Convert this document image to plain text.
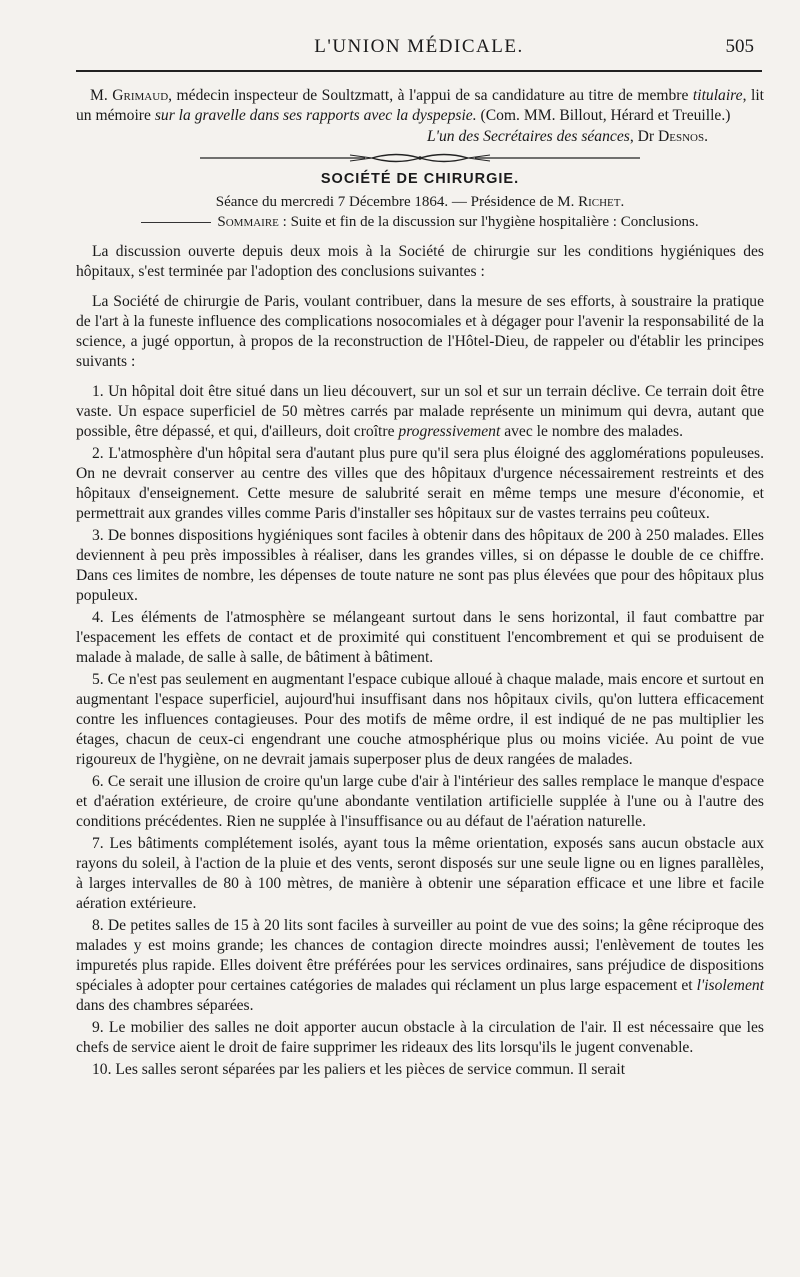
L'UNION MÉDICALE.	505

M. Grimaud, médecin inspecteur de Soultzmatt, à l'appui de sa candidature au titre de membre titulaire, lit un mémoire sur la gravelle dans ses rapports avec la dyspepsie. (Com. MM. Billout, Hérard et Treuille.)

L'un des Secrétaires des séances, Dr Desnos.

SOCIÉTÉ DE CHIRURGIE.

Séance du mercredi 7 Décembre 1864. — Présidence de M. Richet.

Sommaire : Suite et fin de la discussion sur l'hygiène hospitalière : Conclusions.

La discussion ouverte depuis deux mois à la Société de chirurgie sur les conditions hygiéniques des hôpitaux, s'est terminée par l'adoption des conclusions suivantes :

La Société de chirurgie de Paris, voulant contribuer, dans la mesure de ses efforts, à soustraire la pratique de l'art à la funeste influence des complications nosocomiales et à dégager pour l'avenir la responsabilité de la science, a jugé opportun, à propos de la reconstruction de l'Hôtel-Dieu, de rappeler ou d'établir les principes suivants :

1. Un hôpital doit être situé dans un lieu découvert, sur un sol et sur un terrain déclive. Ce terrain doit être vaste. Un espace superficiel de 50 mètres carrés par malade représente un minimum qui devra, autant que possible, être dépassé, et qui, d'ailleurs, doit croître progressivement avec le nombre des malades.

2. L'atmosphère d'un hôpital sera d'autant plus pure qu'il sera plus éloigné des agglomérations populeuses. On ne devrait conserver au centre des villes que des hôpitaux d'urgence nécessairement restreints et des hôpitaux d'enseignement. Cette mesure de salubrité serait en même temps une mesure d'économie, et permettrait aux grandes villes comme Paris d'installer ses hôpitaux sur de vastes terrains peu coûteux.

3. De bonnes dispositions hygiéniques sont faciles à obtenir dans des hôpitaux de 200 à 250 malades. Elles deviennent à peu près impossibles à réaliser, dans les grandes villes, si on dépasse le double de ce chiffre. Dans ces limites de nombre, les dépenses de toute nature ne sont pas plus élevées que pour des hôpitaux plus populeux.

4. Les éléments de l'atmosphère se mélangeant surtout dans le sens horizontal, il faut combattre par l'espacement les effets de contact et de proximité qui constituent l'encombrement et qui se produisent de malade à malade, de salle à salle, de bâtiment à bâtiment.

5. Ce n'est pas seulement en augmentant l'espace cubique alloué à chaque malade, mais encore et surtout en augmentant l'espace superficiel, aujourd'hui insuffisant dans nos hôpitaux civils, qu'on luttera efficacement contre les influences contagieuses. Pour des motifs de même ordre, il est indiqué de ne pas multiplier les étages, chacun de ceux-ci engendrant une couche atmosphérique plus ou moins viciée. Au point de vue rigoureux de l'hygiène, on ne devrait jamais superposer plus de deux rangées de malades.

6. Ce serait une illusion de croire qu'un large cube d'air à l'intérieur des salles remplace le manque d'espace et d'aération extérieure, de croire qu'une abondante ventilation artificielle supplée à l'une ou à l'autre des conditions précédentes. Rien ne supplée à l'insuffisance ou au défaut de l'aération naturelle.

7. Les bâtiments complétement isolés, ayant tous la même orientation, exposés sans aucun obstacle aux rayons du soleil, à l'action de la pluie et des vents, seront disposés sur une seule ligne ou en lignes parallèles, à larges intervalles de 80 à 100 mètres, de manière à obtenir une séparation efficace et une libre et facile aération extérieure.

8. De petites salles de 15 à 20 lits sont faciles à surveiller au point de vue des soins; la gêne réciproque des malades y est moins grande; les chances de contagion directe moindres aussi; l'enlèvement de toutes les impuretés plus rapide. Elles doivent être préférées pour les services ordinaires, sans préjudice de dispositions spéciales à adopter pour certaines catégories de malades qui réclament un plus large espacement et l'isolement dans des chambres séparées.

9. Le mobilier des salles ne doit apporter aucun obstacle à la circulation de l'air. Il est nécessaire que les chefs de service aient le droit de faire supprimer les rideaux des lits lorsqu'ils le jugent convenable.

10. Les salles seront séparées par les paliers et les pièces de service commun. Il serait
